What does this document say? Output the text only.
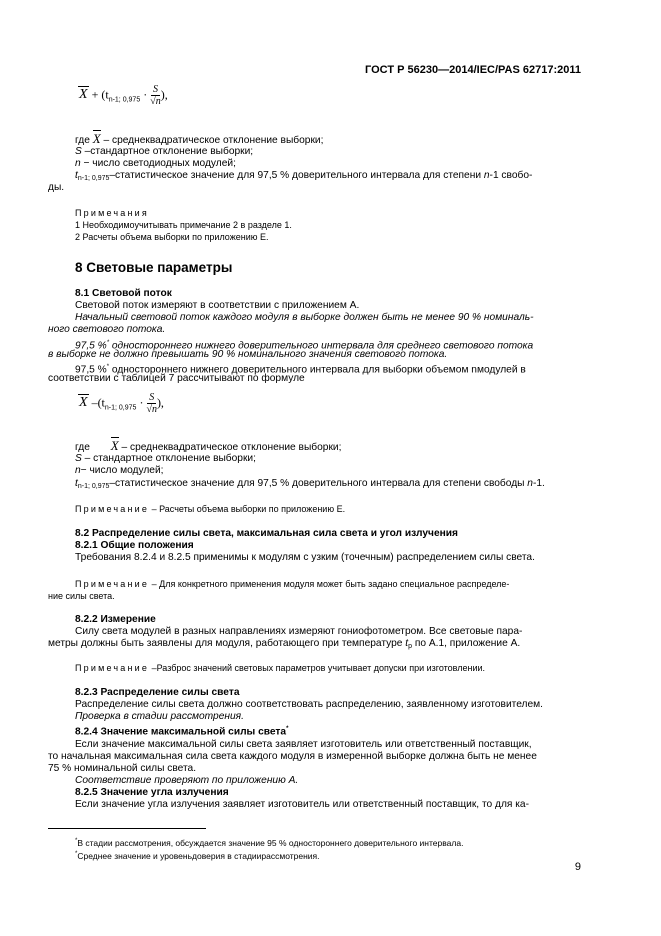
ГОСТ Р 56230—2014/IEC/PAS 62717:2011
$X + (t_{n-1; 0,975} \cdot \frac{S}{√n}$ ),
где X – среднеквадратическое отклонение выборки;
S –стандартное отклонение выборки;
n − число светодиодных модулей;
tn-1; 0,975–статистическое значение для 97,5 % доверительного интервала для степени n-1 свобо-
ды.
Примечания
1 Необходимоучитывать примечание 2 в разделе 1.
2 Расчеты объема выборки по приложению Е.
8 Световые параметры
8.1 Световой поток
Световой поток измеряют в соответствии с приложением А.
Начальный световой поток каждого модуля в выборке должен быть не менее 90 % номиналь-
ного светового потока.
97,5 %* одностороннего нижнего доверительного интервала для среднего светового потока
в выборке не должно превышать 90 % номинального значения светового потока.
97,5 %* одностороннего нижнего доверительного интервала для выборки объемом nмодулей в
соответствии с таблицей 7 рассчитывают по формуле
X $-(t_{n-1; 0,975} \cdot \frac{S}{√n}$ ),
где X – среднеквадратическое отклонение выборки;
S – стандартное отклонение выборки;
n− число модулей;
tn-1; 0,975–статистическое значение для 97,5 % доверительного интервала для степени свободы n-1.
Примечание – Расчеты объема выборки по приложению Е.
8.2 Распределение силы света, максимальная сила света и угол излучения
8.2.1 Общие положения
Требования 8.2.4 и 8.2.5 применимы к модулям с узким (точечным) распределением силы света.
Примечание – Для конкретного применения модуля может быть задано специальное распределе-
ние силы света.
8.2.2 Измерение
Силу света модулей в разных направлениях измеряют гониофотометром. Все световые пара-
метры должны быть заявлены для модуля, работающего при температуре tp по А.1, приложение А.
Примечание –Разброс значений световых параметров учитывает допуски при изготовлении.
8.2.3 Распределение силы света
Распределение силы света должно соответствовать распределению, заявленному изготовителем.
Проверка в стадии рассмотрения.
8.2.4 Значение максимальной силы света*
Если значение максимальной силы света заявляет изготовитель или ответственный поставщик,
то начальная максимальная сила света каждого модуля в измеренной выборке должна быть не менее
75 % номинальной силы света.
Соответствие проверяют по приложению А.
8.2.5 Значение угла излучения
Если значение угла излучения заявляет изготовитель или ответственный поставщик, то для ка-
*В стадии рассмотрения, обсуждается значение 95 % одностороннего доверительного интервала.
*Среднее значение и уровеньдоверия в стадиирассмотрения.
9
